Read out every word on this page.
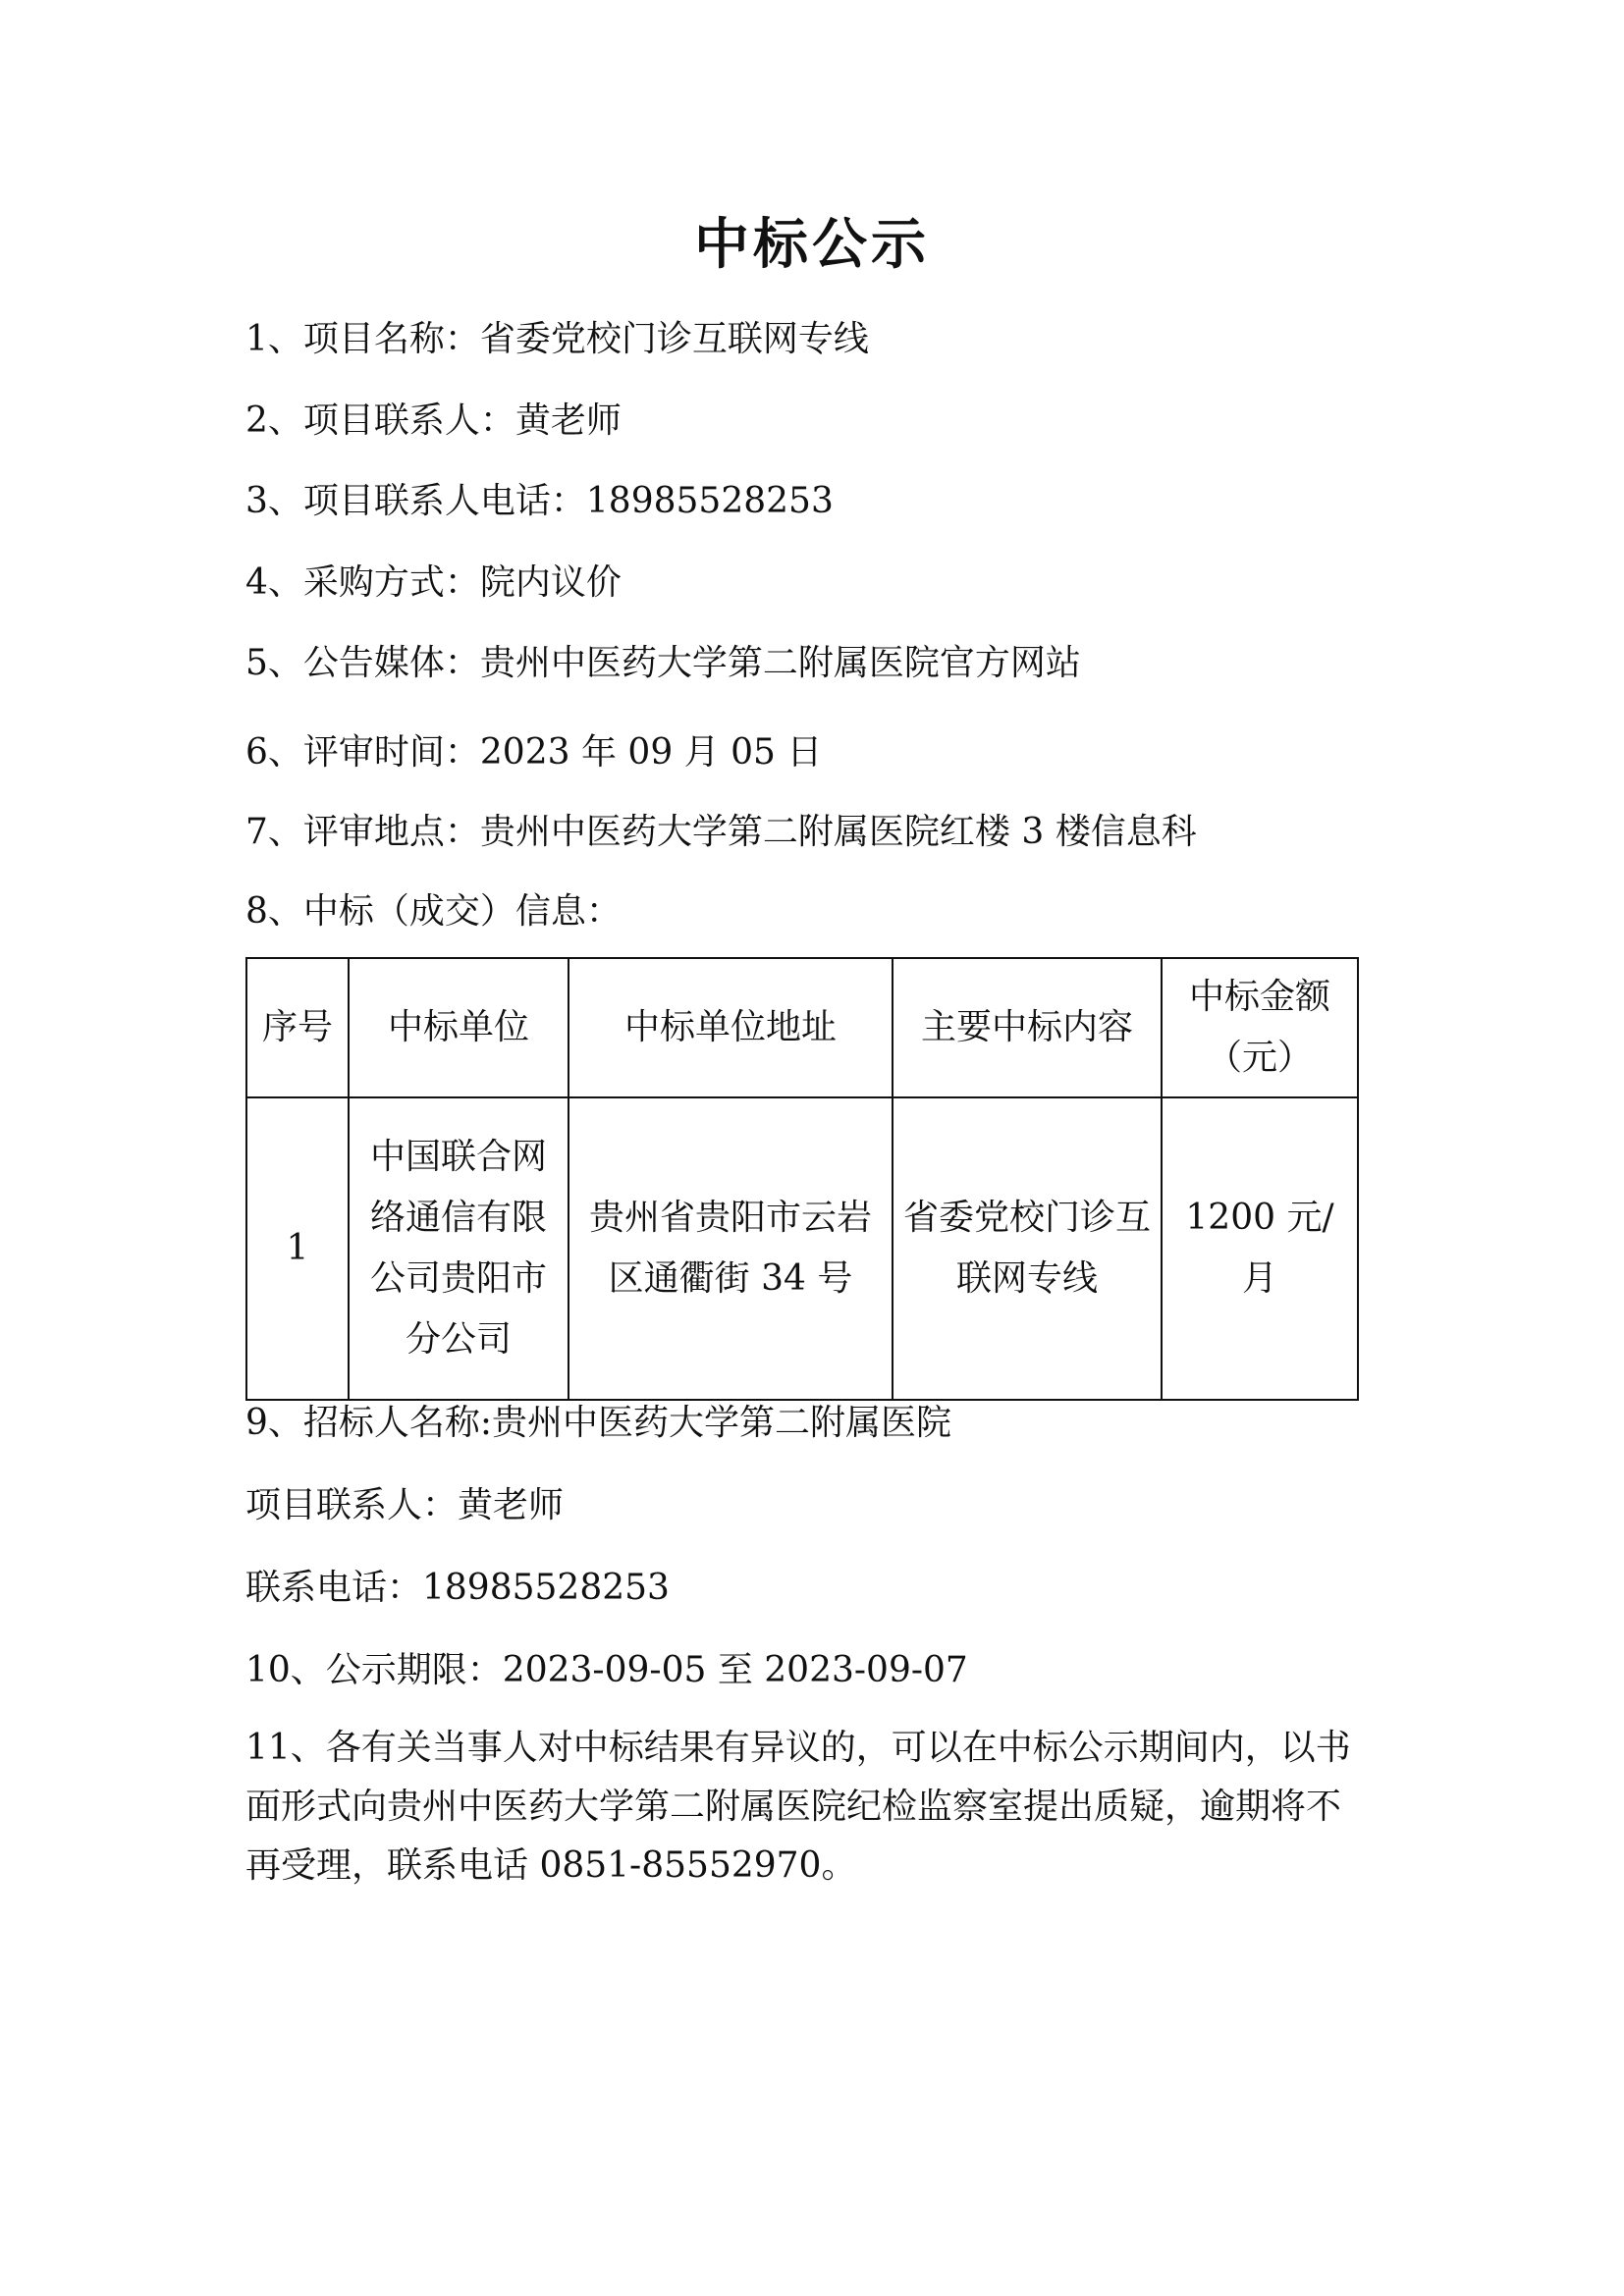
中标公示
1、项目名称：省委党校门诊互联网专线
2、项目联系人：黄老师
3、项目联系人电话：18985528253
4、采购方式：院内议价
5、公告媒体：贵州中医药大学第二附属医院官方网站
6、评审时间：2023 年 09 月 05 日
7、评审地点：贵州中医药大学第二附属医院红楼 3 楼信息科
8、中标（成交）信息：
序号	中标单位	中标单位地址	主要中标内容	中标金额（元）
1	中国联合网络通信有限公司贵阳市分公司	贵州省贵阳市云岩区通衢街 34 号	省委党校门诊互联网专线	1200 元/月
9、招标人名称:贵州中医药大学第二附属医院
项目联系人：黄老师
联系电话：18985528253
10、公示期限：2023-09-05 至 2023-09-07
11、各有关当事人对中标结果有异议的，可以在中标公示期间内，以书面形式向贵州中医药大学第二附属医院纪检监察室提出质疑，逾期将不再受理，联系电话 0851-85552970。
